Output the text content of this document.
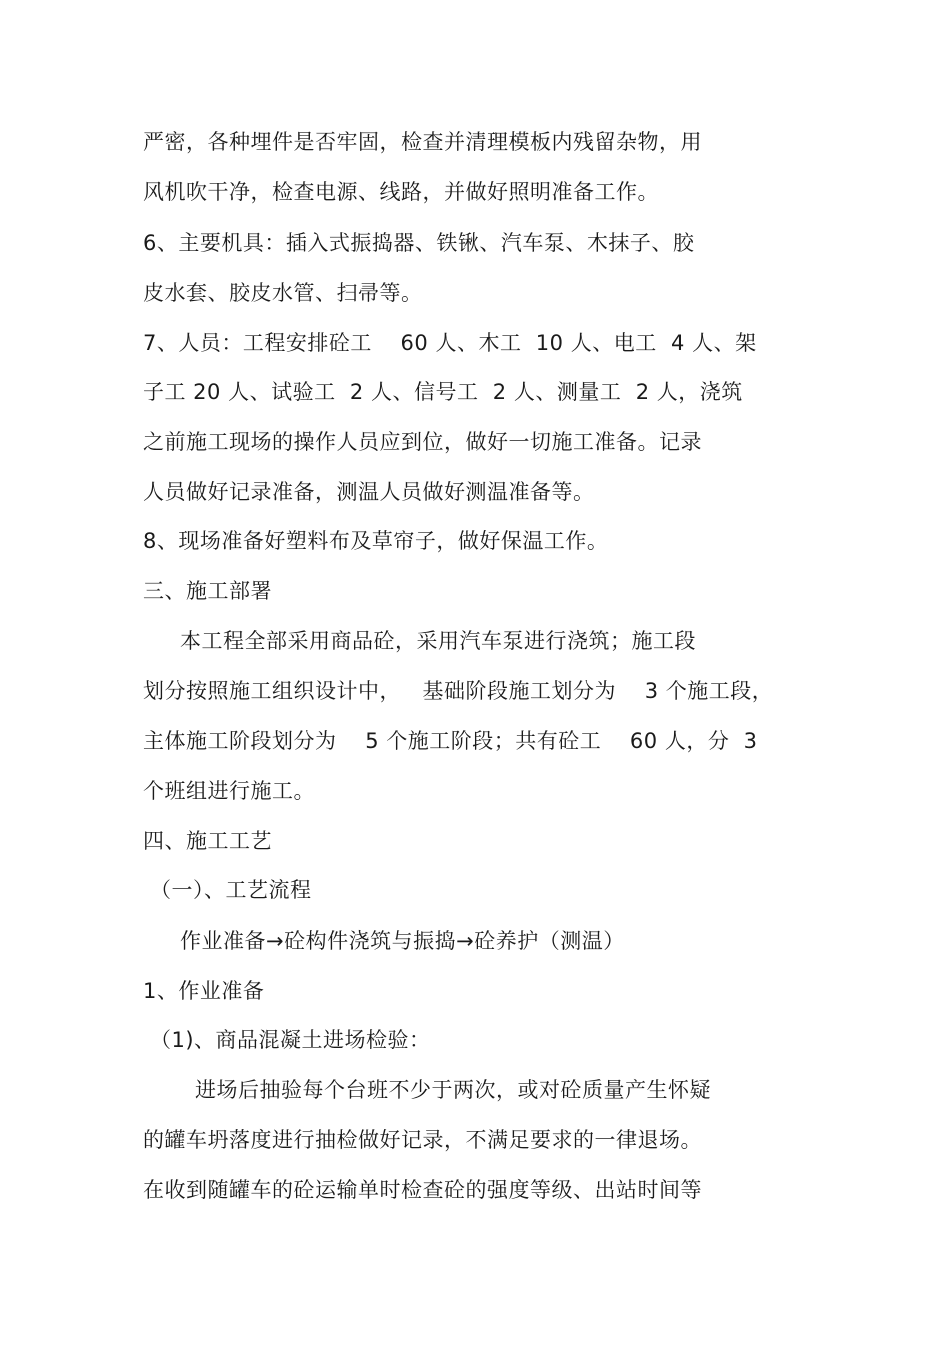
严密，各种埋件是否牢固，检查并清理模板内残留杂物，用
风机吹干净，检查电源、线路，并做好照明准备工作。
6、主要机具：插入式振捣器、铁锹、汽车泵、木抹子、胶
皮水套、胶皮水管、扫帚等。
7、人员：工程安排砼工    60 人、木工  10 人、电工  4 人、架
子工 20 人、试验工  2 人、信号工  2 人、测量工  2 人，浇筑
之前施工现场的操作人员应到位，做好一切施工准备。记录
人员做好记录准备，测温人员做好测温准备等。
8、现场准备好塑料布及草帘子，做好保温工作。
三、施工部署
本工程全部采用商品砼，采用汽车泵进行浇筑；施工段
划分按照施工组织设计中，   基础阶段施工划分为    3 个施工段，
主体施工阶段划分为    5 个施工阶段；共有砼工    60 人，分  3
个班组进行施工。
四、施工工艺
（一）、工艺流程
作业准备→砼构件浇筑与振捣→砼养护（测温）
1、作业准备
（1)、商品混凝土进场检验：
进场后抽验每个台班不少于两次，或对砼质量产生怀疑
的罐车坍落度进行抽检做好记录，不满足要求的一律退场。
在收到随罐车的砼运输单时检查砼的强度等级、出站时间等
